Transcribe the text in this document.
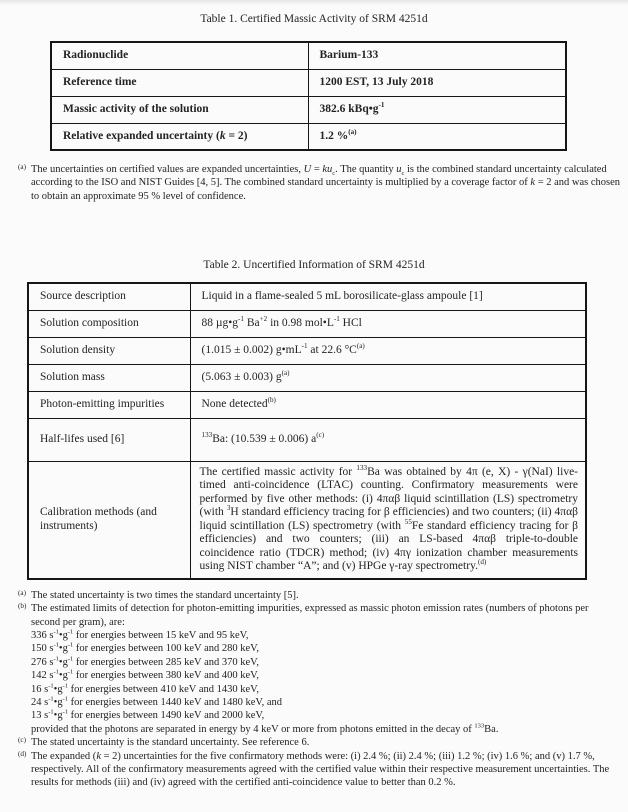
Table 1. Certified Massic Activity of SRM 4251d
Radionuclide	Barium-133
Reference time	1200 EST, 13 July 2018
Massic activity of the solution	382.6 $kBq•g^{-1}$
Relative expanded uncertainty (k = 2)	1.2 %$^{(a)}$
(a) The uncertainties on certified values are expanded uncertainties, $U = ku_c$. The quantity $u_c$ is the combined standard uncertainty calculated according to the ISO and NIST Guides [4, 5]. The combined standard uncertainty is multiplied by a coverage factor of k = 2 and was chosen to obtain an approximate 95 % level of confidence.
Table 2. Uncertified Information of SRM 4251d
Source description	Liquid in a flame-sealed 5 mL borosilicate-glass ampoule [1]
Solution composition	88 $\mu g•g^{-1}$ $Ba^{+2}$ in 0.98 $mol•L^{-1}$ HCl
Solution density	(1.015 ± 0.002) $g•mL^{-1}$ at 22.6 $^\circ C^{(a)}$
Solution mass	(5.063 ± 0.003) $g^{(a)}$
Photon-emitting impurities	None detected$^{(b)}$
Half-lifes used [6]	$^{133}$Ba: (10.539 ± 0.006) $a^{(c)}$
Calibration methods (and instruments)	The certified massic activity for $^{133}$Ba was obtained by 4π (e, X) - γ(NaI) live-timed anti-coincidence (LTAC) counting. Confirmatory measurements were performed by five other methods: (i) 4παβ liquid scintillation (LS) spectrometry (with $^3$H standard efficiency tracing for β efficiencies) and two counters; (ii) 4παβ liquid scintillation (LS) spectrometry (with $^{55}$Fe standard efficiency tracing for β efficiencies) and two counters; (iii) an LS-based 4παβ triple-to-double coincidence ratio (TDCR) method; (iv) 4πγ ionization chamber measurements using NIST chamber “A”; and (v) HPGe γ-ray spectrometry.$^{(d)}$
(a) The stated uncertainty is two times the standard uncertainty [5].
(b) The estimated limits of detection for photon-emitting impurities, expressed as massic photon emission rates (numbers of photons per second per gram), are:
336 $s^{-1}•g^{-1}$ for energies between 15 keV and 95 keV,
150 $s^{-1}•g^{-1}$ for energies between 100 keV and 280 keV,
276 $s^{-1}•g^{-1}$ for energies between 285 keV and 370 keV,
142 $s^{-1}•g^{-1}$ for energies between 380 keV and 400 keV,
16 $s^{-1}•g^{-1}$ for energies between 410 keV and 1430 keV,
24 $s^{-1}•g^{-1}$ for energies between 1440 keV and 1480 keV, and
13 $s^{-1}•g^{-1}$ for energies between 1490 keV and 2000 keV,
provided that the photons are separated in energy by 4 keV or more from photons emitted in the decay of $^{133}$Ba.
(c) The stated uncertainty is the standard uncertainty. See reference 6.
(d) The expanded (k = 2) uncertainties for the five confirmatory methods were: (i) 2.4 %; (ii) 2.4 %; (iii) 1.2 %; (iv) 1.6 %; and (v) 1.7 %, respectively. All of the confirmatory measurements agreed with the certified value within their respective measurement uncertainties. The results for methods (iii) and (iv) agreed with the certified anti-coincidence value to better than 0.2 %.
